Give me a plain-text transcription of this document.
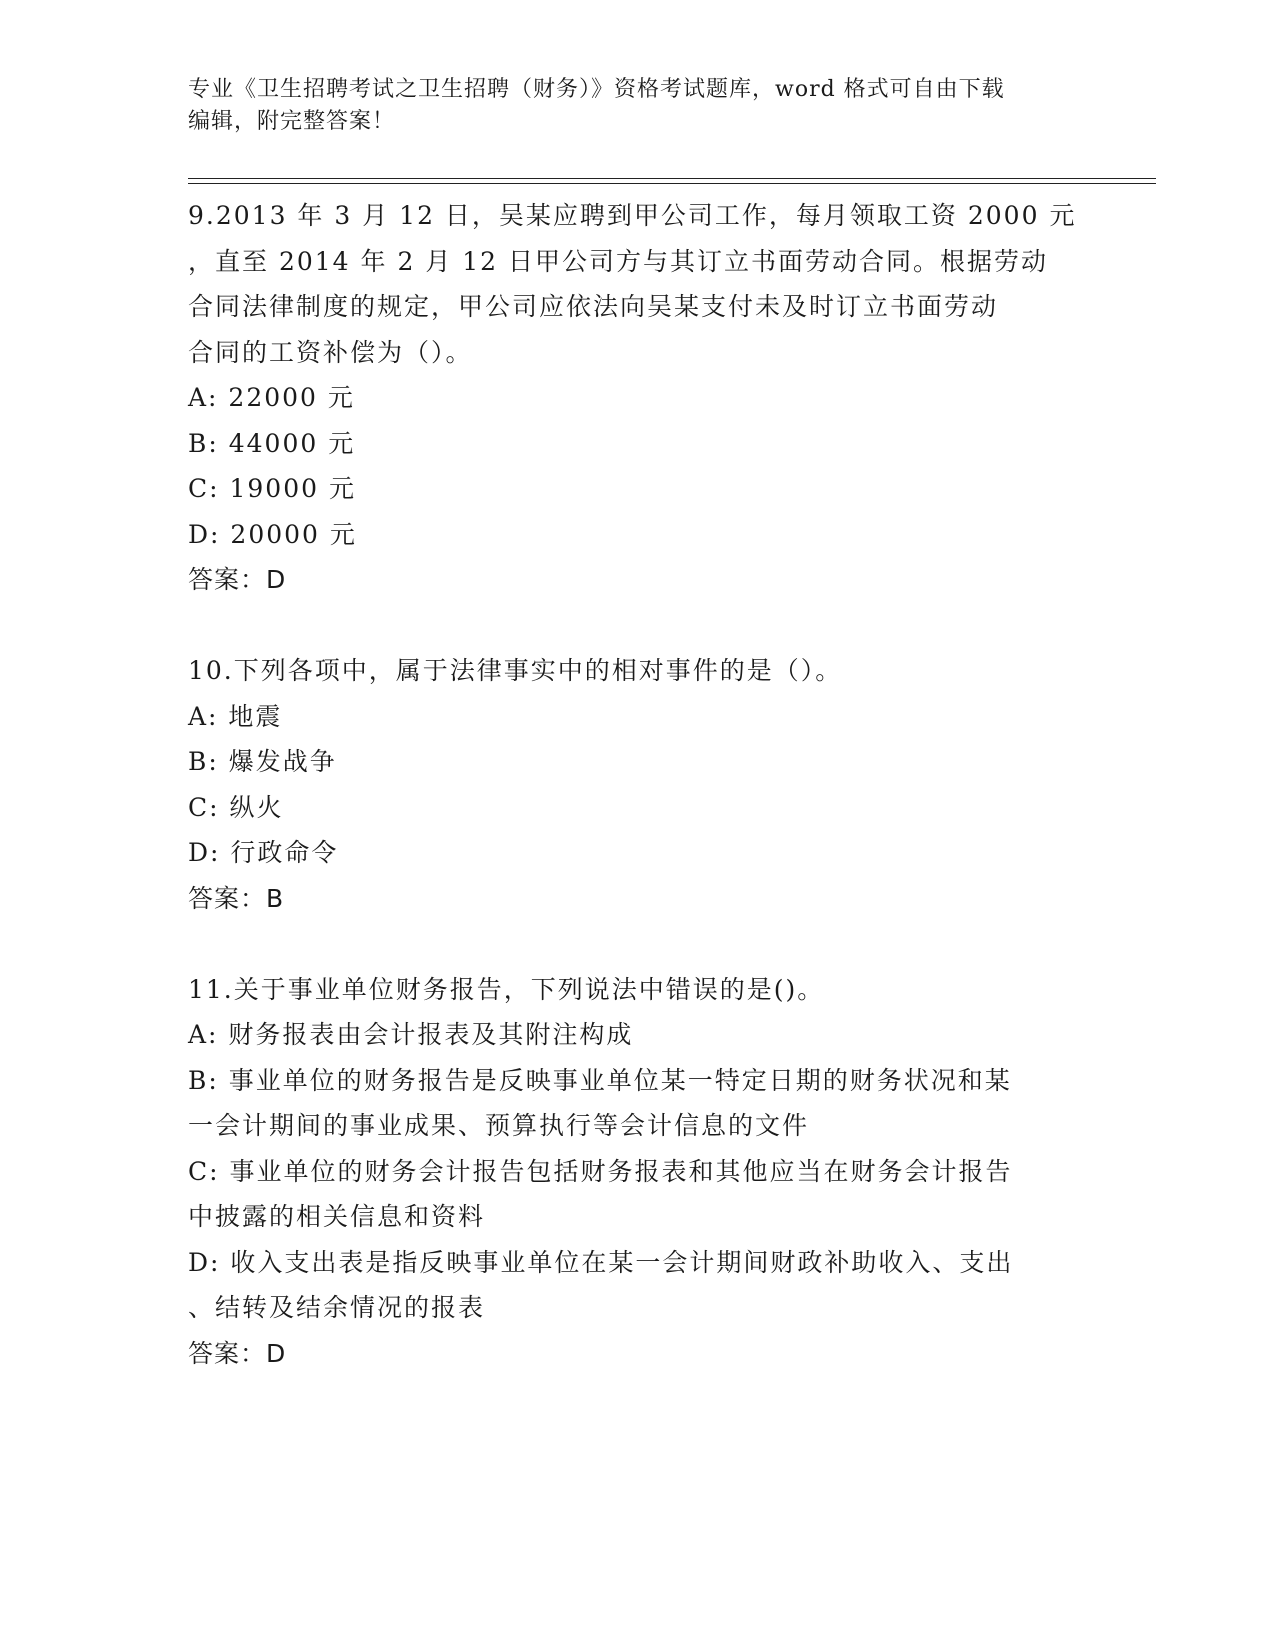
专业《卫生招聘考试之卫生招聘（财务）》资格考试题库，word 格式可自由下载
编辑，附完整答案！

9.2013 年 3 月 12 日，吴某应聘到甲公司工作，每月领取工资 2000 元

，直至 2014 年 2 月 12 日甲公司方与其订立书面劳动合同。根据劳动

合同法律制度的规定，甲公司应依法向吴某支付未及时订立书面劳动

合同的工资补偿为（）。

A: 22000 元

B: 44000 元

C: 19000 元

D: 20000 元

答案：D

10.下列各项中，属于法律事实中的相对事件的是（）。

A: 地震

B: 爆发战争

C: 纵火

D: 行政命令

答案：B

11.关于事业单位财务报告，下列说法中错误的是()。

A: 财务报表由会计报表及其附注构成

B: 事业单位的财务报告是反映事业单位某一特定日期的财务状况和某

一会计期间的事业成果、预算执行等会计信息的文件

C: 事业单位的财务会计报告包括财务报表和其他应当在财务会计报告

中披露的相关信息和资料

D: 收入支出表是指反映事业单位在某一会计期间财政补助收入、支出

、结转及结余情况的报表

答案：D
